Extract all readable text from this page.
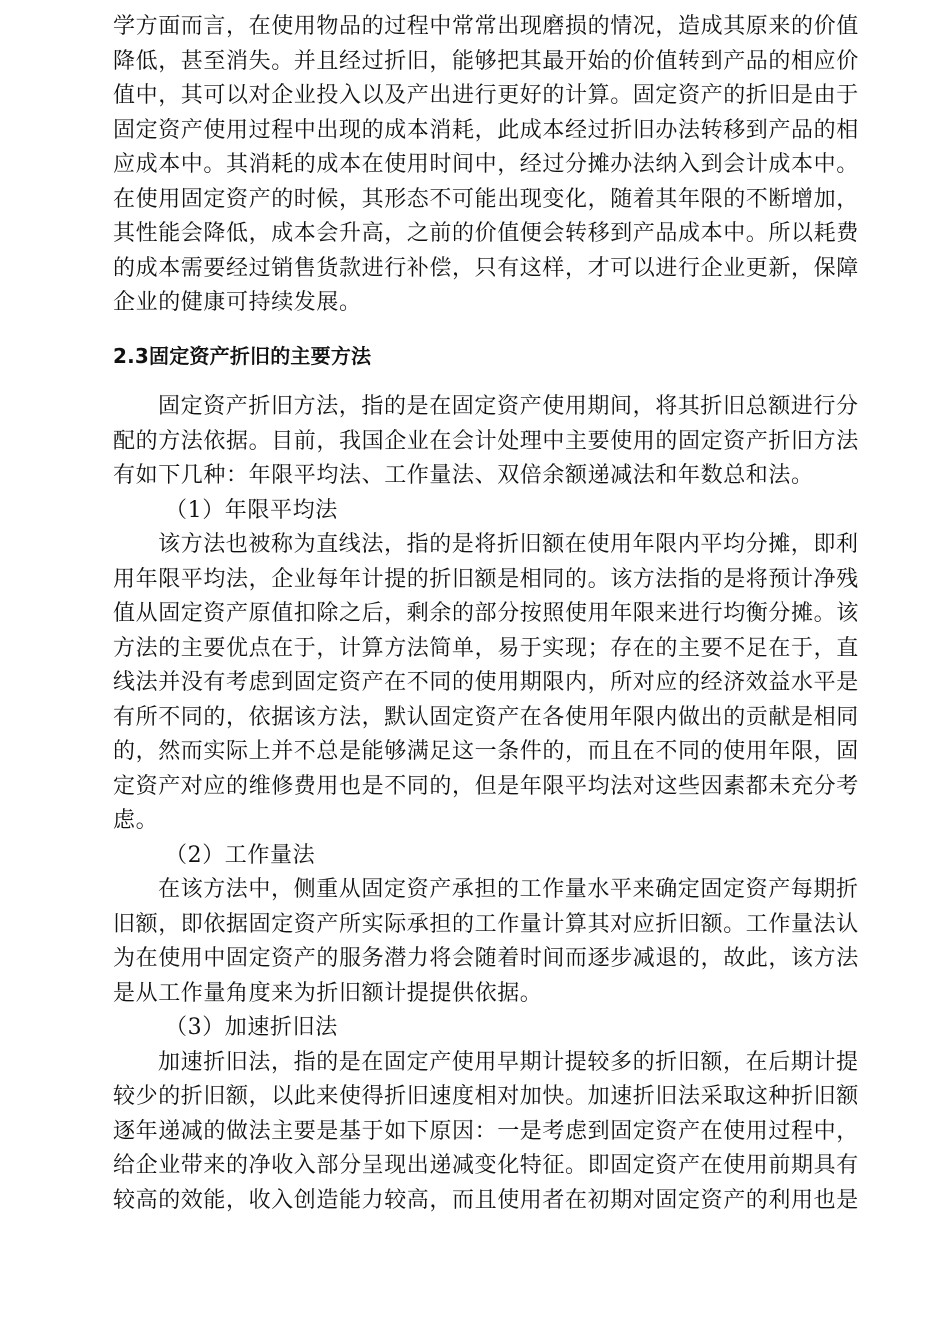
学方面而言，在使用物品的过程中常常出现磨损的情况，造成其原来的价值
降低，甚至消失。并且经过折旧，能够把其最开始的价值转到产品的相应价
值中，其可以对企业投入以及产出进行更好的计算。固定资产的折旧是由于
固定资产使用过程中出现的成本消耗，此成本经过折旧办法转移到产品的相
应成本中。其消耗的成本在使用时间中，经过分摊办法纳入到会计成本中。
在使用固定资产的时候，其形态不可能出现变化，随着其年限的不断增加，
其性能会降低，成本会升高，之前的价值便会转移到产品成本中。所以耗费
的成本需要经过销售货款进行补偿，只有这样，才可以进行企业更新，保障
企业的健康可持续发展。
2.3固定资产折旧的主要方法
固定资产折旧方法，指的是在固定资产使用期间，将其折旧总额进行分
配的方法依据。目前，我国企业在会计处理中主要使用的固定资产折旧方法
有如下几种：年限平均法、工作量法、双倍余额递减法和年数总和法。
（1）年限平均法
该方法也被称为直线法，指的是将折旧额在使用年限内平均分摊，即利
用年限平均法，企业每年计提的折旧额是相同的。该方法指的是将预计净残
值从固定资产原值扣除之后，剩余的部分按照使用年限来进行均衡分摊。该
方法的主要优点在于，计算方法简单，易于实现；存在的主要不足在于，直
线法并没有考虑到固定资产在不同的使用期限内，所对应的经济效益水平是
有所不同的，依据该方法，默认固定资产在各使用年限内做出的贡献是相同
的，然而实际上并不总是能够满足这一条件的，而且在不同的使用年限，固
定资产对应的维修费用也是不同的，但是年限平均法对这些因素都未充分考
虑。
（2）工作量法
在该方法中，侧重从固定资产承担的工作量水平来确定固定资产每期折
旧额，即依据固定资产所实际承担的工作量计算其对应折旧额。工作量法认
为在使用中固定资产的服务潜力将会随着时间而逐步减退的，故此，该方法
是从工作量角度来为折旧额计提提供依据。
（3）加速折旧法
加速折旧法，指的是在固定产使用早期计提较多的折旧额，在后期计提
较少的折旧额，以此来使得折旧速度相对加快。加速折旧法采取这种折旧额
逐年递减的做法主要是基于如下原因：一是考虑到固定资产在使用过程中，
给企业带来的净收入部分呈现出递减变化特征。即固定资产在使用前期具有
较高的效能，收入创造能力较高，而且使用者在初期对固定资产的利用也是
